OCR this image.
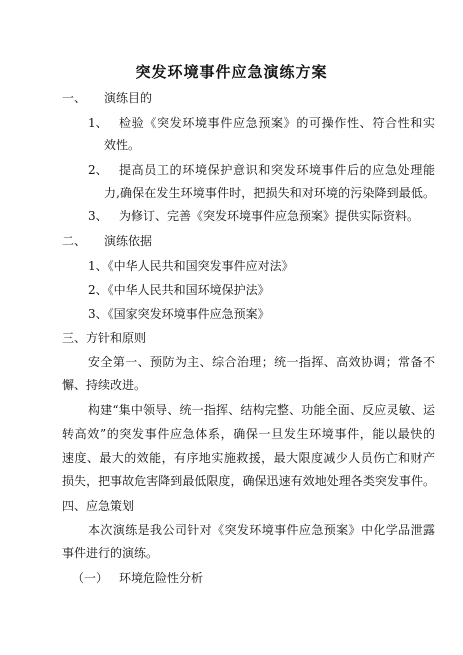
突发环境事件应急演练方案
一、 演练目的
1、 检验《突发环境事件应急预案》的可操作性、符合性和实
效性。
2、 提高员工的环境保护意识和突发环境事件后的应急处理能
力,确保在发生环境事件时，把损失和对环境的污染降到最低。
3、 为修订、完善《突发环境事件应急预案》提供实际资料。
二、 演练依据
1、《中华人民共和国突发事件应对法》
2、《中华人民共和国环境保护法》
3、《国家突发环境事件应急预案》
三、方针和原则
安全第一、预防为主、综合治理；统一指挥、高效协调；常备不
懈、持续改进。
构建“集中领导、统一指挥、结构完整、功能全面、反应灵敏、运
转高效”的突发事件应急体系，确保一旦发生环境事件，能以最快的
速度、最大的效能，有序地实施救援，最大限度减少人员伤亡和财产
损失，把事故危害降到最低限度，确保迅速有效地处理各类突发事件。
四、应急策划
本次演练是我公司针对《突发环境事件应急预案》中化学品泄露
事件进行的演练。
（一） 环境危险性分析
